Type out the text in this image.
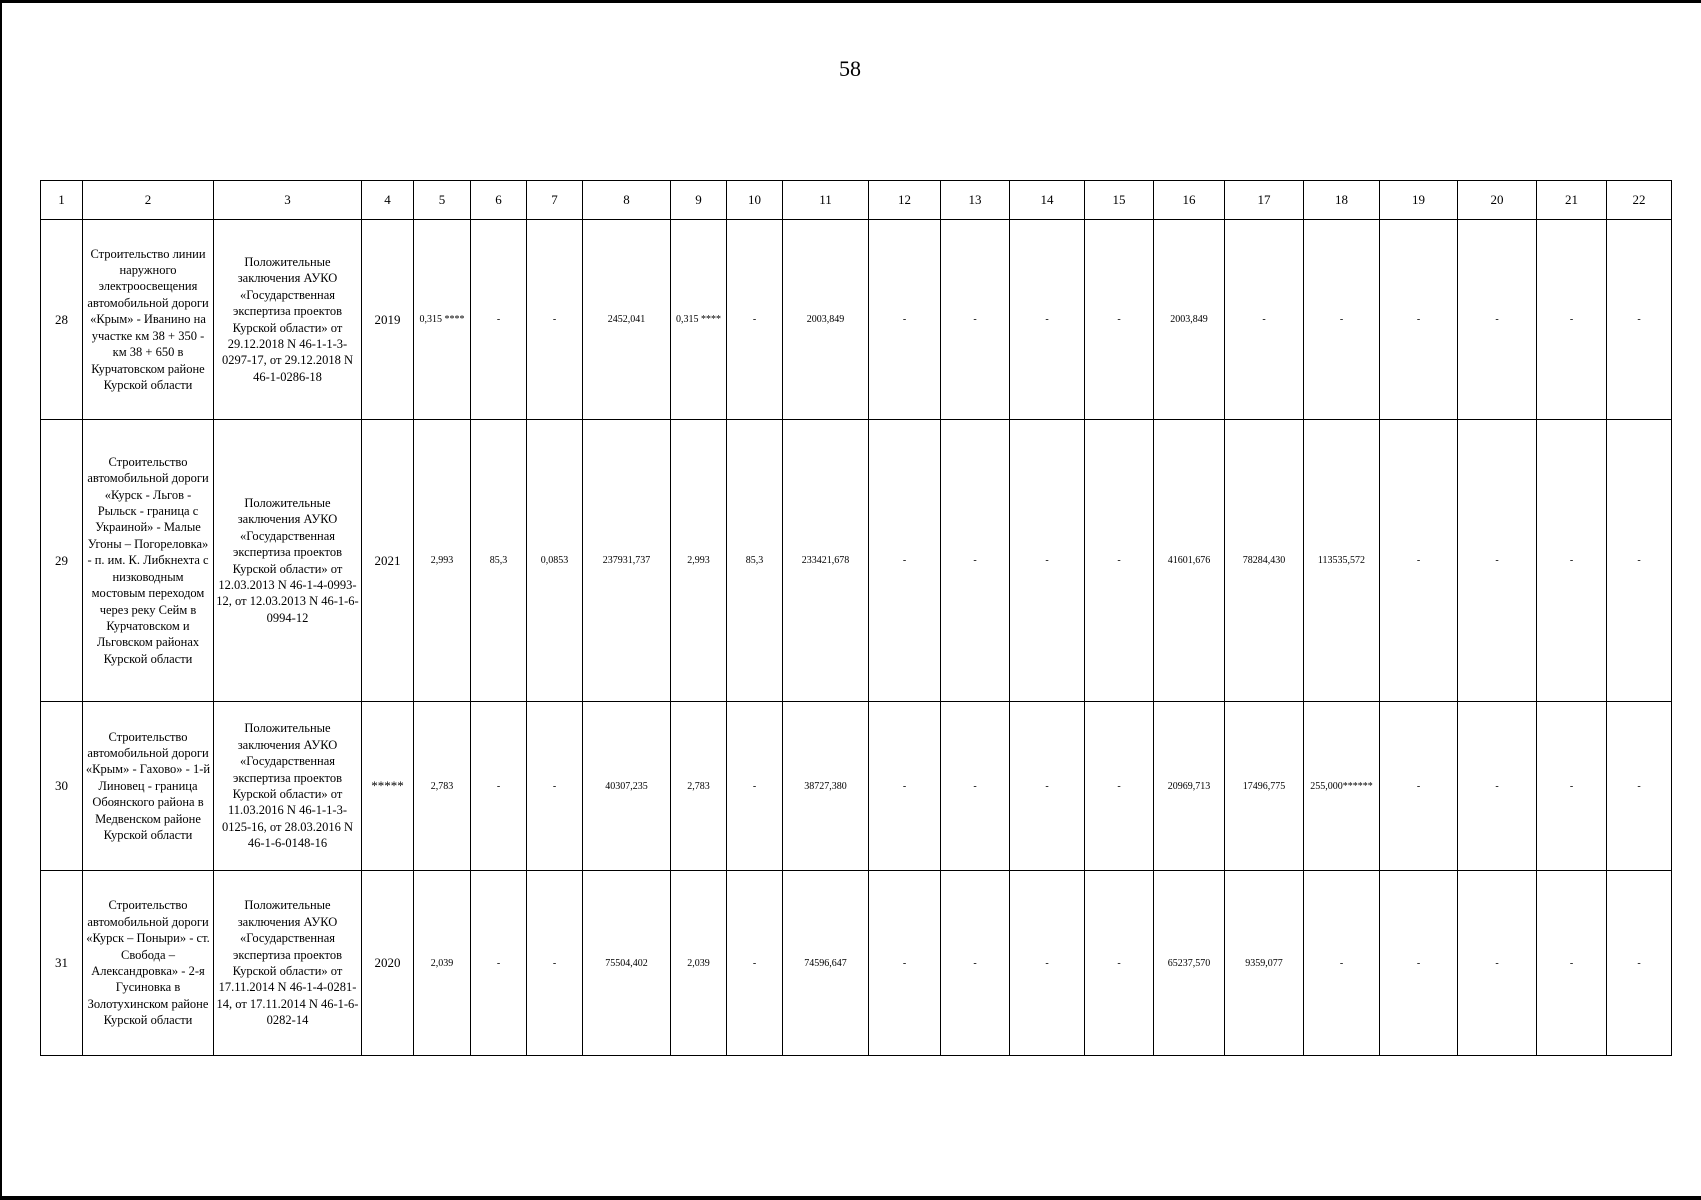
58
1	2	3	4	5	6	7	8	9	10	11	12	13	14	15	16	17	18	19	20	21	22
28	Строительство линии наружного электроосвещения автомобильной дороги «Крым» - Иванино на участке км 38 + 350 - км 38 + 650 в Курчатовском районе Курской области	Положительные заключения АУКО «Государственная экспертиза проектов Курской области» от 29.12.2018 N 46-1-1-3-0297-17, от 29.12.2018 N 46-1-0286-18	2019	0,315 ****	-	-	2452,041	0,315 ****	-	2003,849	-	-	-	-	2003,849	-	-	-	-	-	-
29	Строительство автомобильной дороги «Курск - Льгов - Рыльск - граница с Украиной» - Малые Угоны – Погореловка» - п. им. К. Либкнехта с низководным мостовым переходом через реку Сейм в Курчатовском и Льговском районах Курской области	Положительные заключения АУКО «Государственная экспертиза проектов Курской области» от 12.03.2013 N 46-1-4-0993-12, от 12.03.2013 N 46-1-6-0994-12	2021	2,993	85,3	0,0853	237931,737	2,993	85,3	233421,678	-	-	-	-	41601,676	78284,430	113535,572	-	-	-	-
30	Строительство автомобильной дороги «Крым» - Гахово» - 1-й Линовец - граница Обоянского района в Медвенском районе Курской области	Положительные заключения АУКО «Государственная экспертиза проектов Курской области» от 11.03.2016 N 46-1-1-3-0125-16, от 28.03.2016 N 46-1-6-0148-16	*****	2,783	-	-	40307,235	2,783	-	38727,380	-	-	-	-	20969,713	17496,775	255,000******	-	-	-	-
31	Строительство автомобильной дороги «Курск – Поныри» - ст. Свобода – Александровка» - 2-я Гусиновка в Золотухинском районе Курской области	Положительные заключения АУКО «Государственная экспертиза проектов Курской области» от 17.11.2014 N 46-1-4-0281-14, от 17.11.2014 N 46-1-6-0282-14	2020	2,039	-	-	75504,402	2,039	-	74596,647	-	-	-	-	65237,570	9359,077	-	-	-	-	-
